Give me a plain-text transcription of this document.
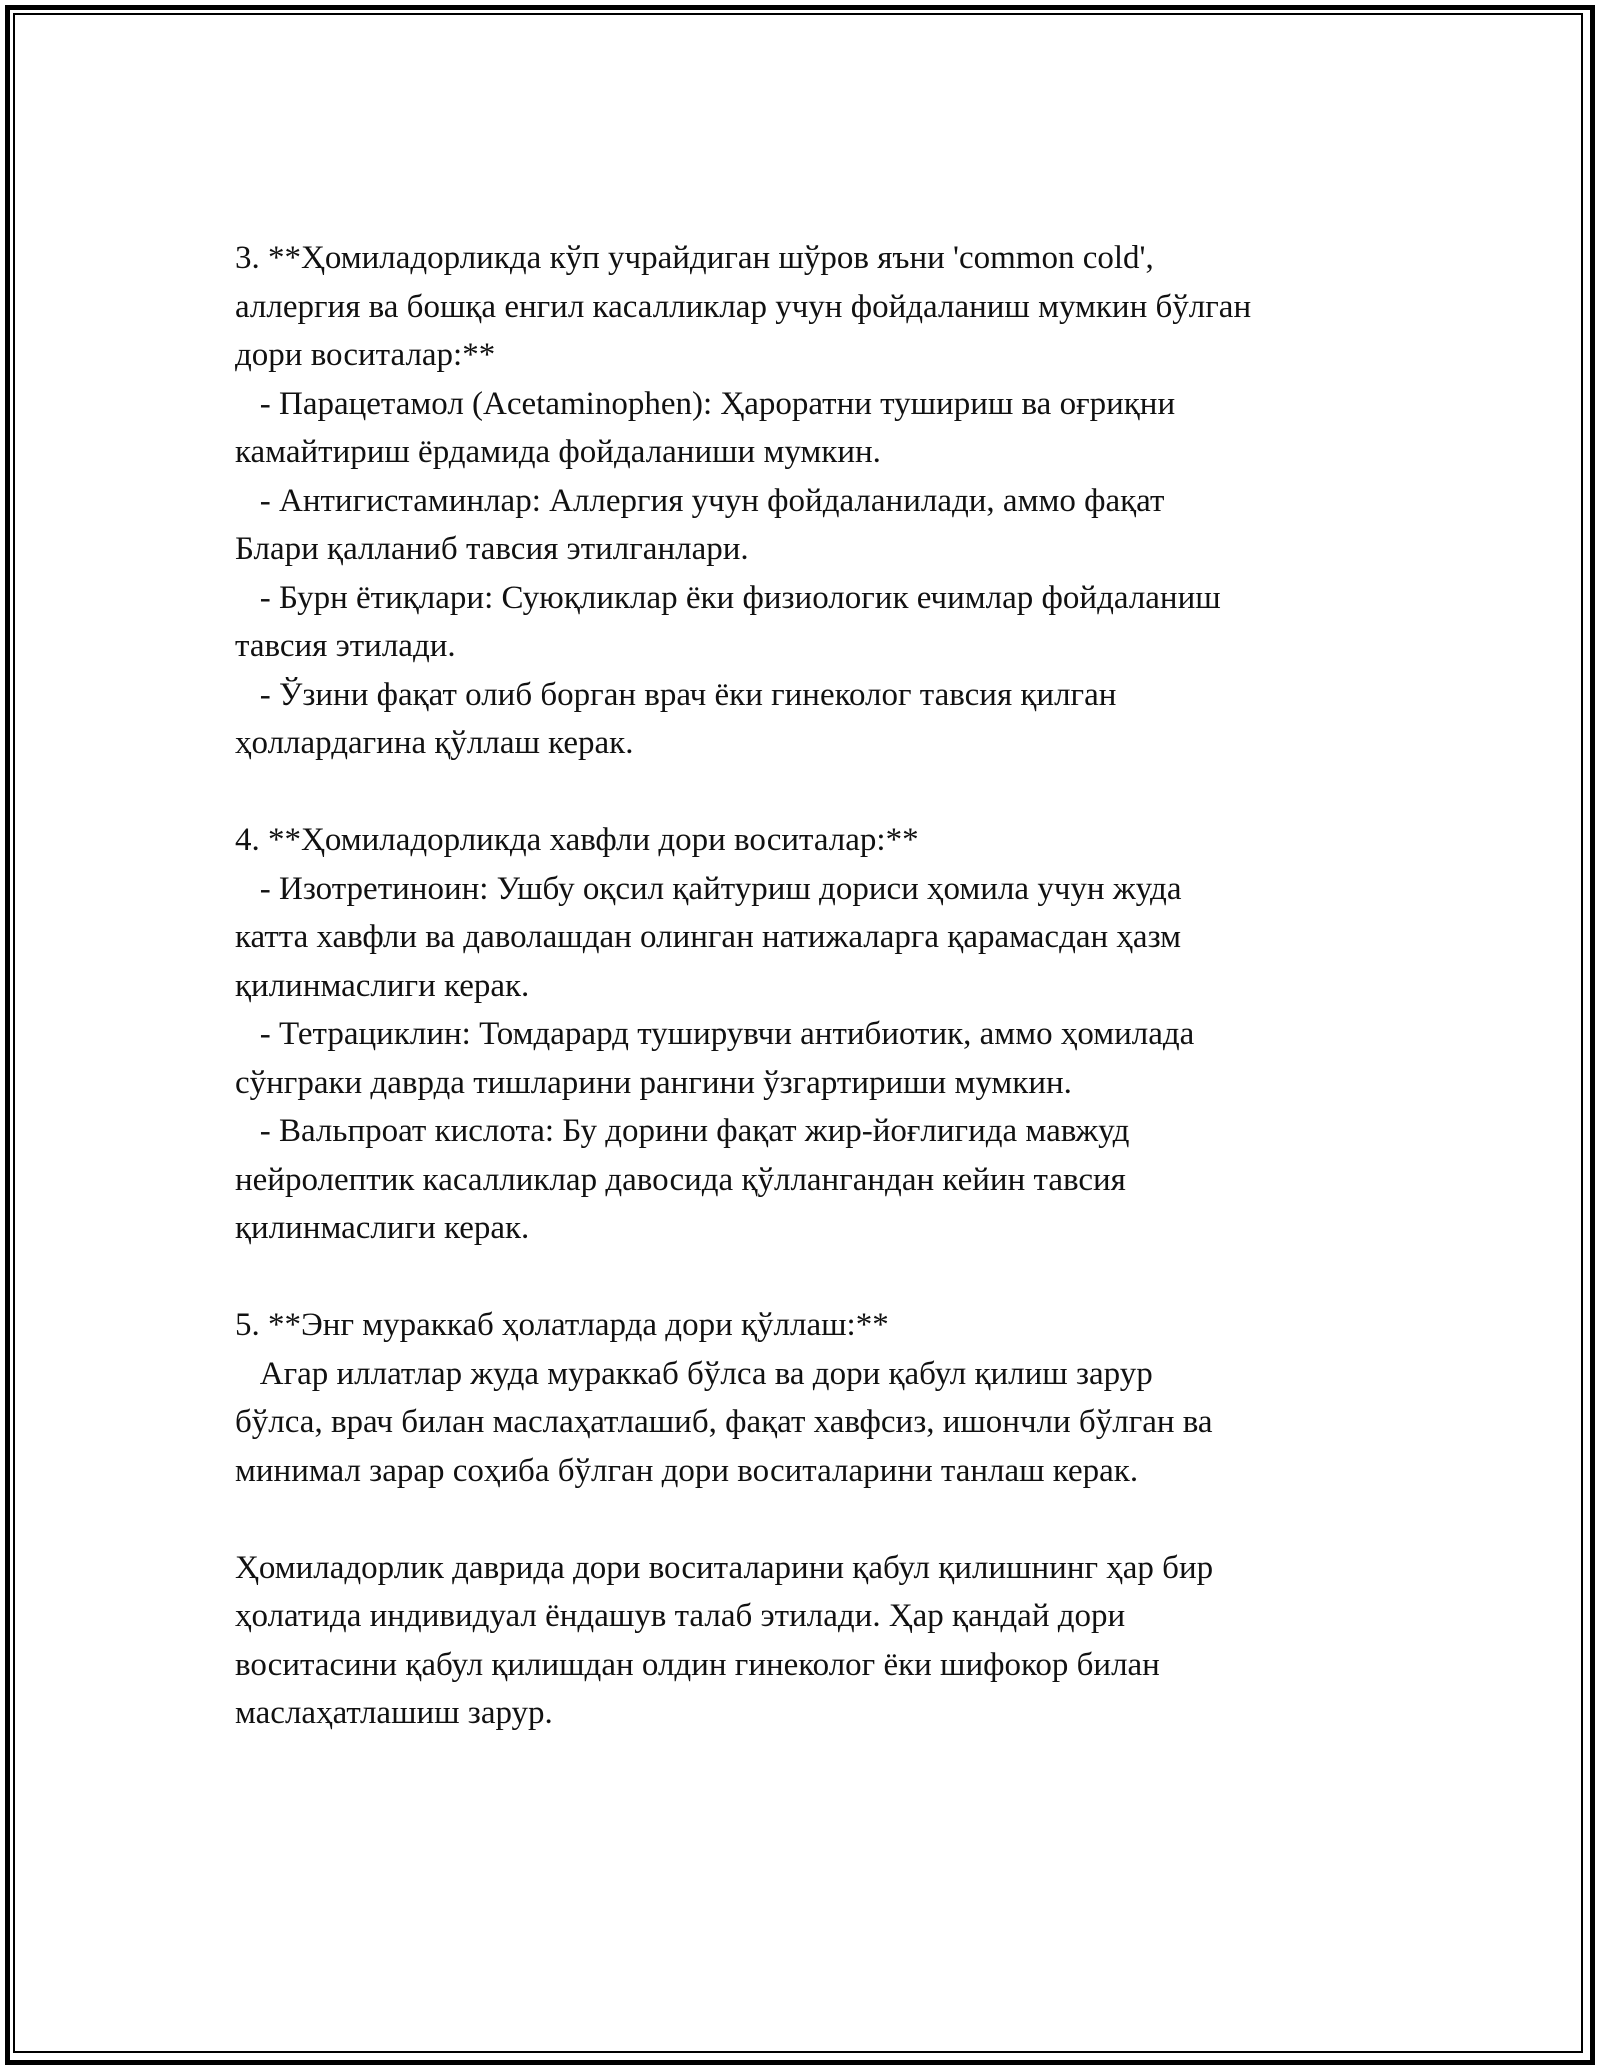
3. **Ҳомиладорликда кўп учрайдиган шўров яъни 'common cold',
аллергия ва бошқа енгил касалликлар учун фойдаланиш мумкин бўлган
дори воситалар:**
- Парацетамол (Acetaminophen): Ҳароратни тушириш ва оғриқни
камайтириш ёрдамида фойдаланиши мумкин.
- Антигистаминлар: Аллергия учун фойдаланилади, аммо фақат
Блари қалланиб тавсия этилганлари.
- Бурн ётиқлари: Суюқликлар ёки физиологик ечимлар фойдаланиш
тавсия этилади.
- Ўзини фақат олиб борган врач ёки гинеколог тавсия қилган
ҳоллардагина қўллаш керак.
4. **Ҳомиладорликда хавфли дори воситалар:**
- Изотретиноин: Ушбу оқсил қайтуриш дориси ҳомила учун жуда
катта хавфли ва даволашдан олинган натижаларга қарамасдан ҳазм
қилинмаслиги керак.
- Тетрациклин: Томдарард туширувчи антибиотик, аммо ҳомилада
сўнграки даврда тишларини рангини ўзгартириши мумкин.
- Вальпроат кислота: Бу дорини фақат жир-йоғлигида мавжуд
нейролептик касалликлар давосида қўллангандан кейин тавсия
қилинмаслиги керак.
5. **Энг мураккаб ҳолатларда дори қўллаш:**
Агар иллатлар жуда мураккаб бўлса ва дори қабул қилиш зарур
бўлса, врач билан маслаҳатлашиб, фақат хавфсиз, ишончли бўлган ва
минимал зарар соҳиба бўлган дори воситаларини танлаш керак.
Ҳомиладорлик даврида дори воситаларини қабул қилишнинг ҳар бир
ҳолатида индивидуал ёндашув талаб этилади. Ҳар қандай дори
воситасини қабул қилишдан олдин гинеколог ёки шифокор билан
маслаҳатлашиш зарур.
